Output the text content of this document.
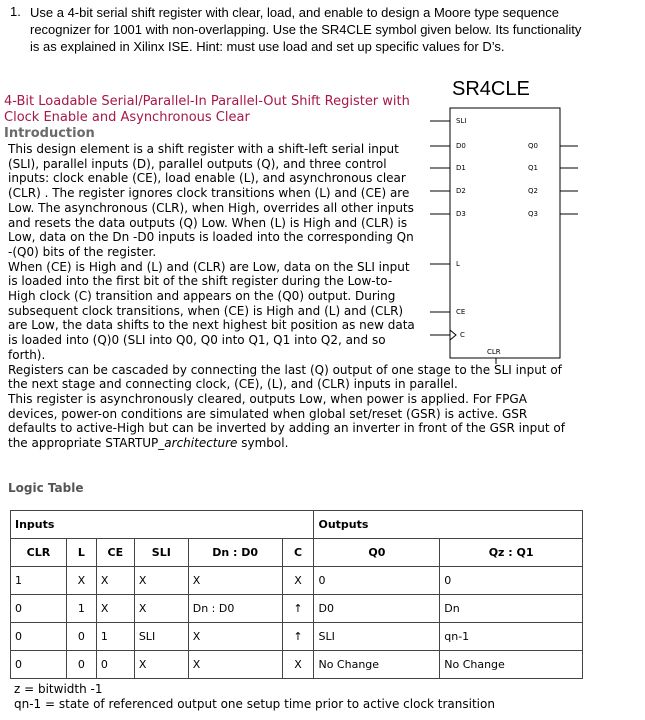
1. Use a 4-bit serial shift register with clear, load, and enable to design a Moore type sequence recognizer for 1001 with non-overlapping. Use the SR4CLE symbol given below. Its functionality is as explained in Xilinx ISE. Hint: must use load and set up specific values for D’s.
4-Bit Loadable Serial/Parallel-In Parallel-Out Shift Register with Clock Enable and Asynchronous Clear
Introduction

This design element is a shift register with a shift-left serial input (SLI), parallel inputs (D), parallel outputs (Q), and three control inputs: clock enable (CE), load enable (L), and asynchronous clear (CLR) . The register ignores clock transitions when (L) and (CE) are Low. The asynchronous (CLR), when High, overrides all other inputs and resets the data outputs (Q) Low. When (L) is High and (CLR) is Low, data on the Dn -D0 inputs is loaded into the corresponding Qn -(Q0) bits of the register.

When (CE) is High and (L) and (CLR) are Low, data on the SLI input is loaded into the first bit of the shift register during the Low-to-High clock (C) transition and appears on the (Q0) output. During subsequent clock transitions, when (CE) is High and (L) and (CLR) are Low, the data shifts to the next highest bit position as new data is loaded into (Q)0 (SLI into Q0, Q0 into Q1, Q1 into Q2, and so forth).

Registers can be cascaded by connecting the last (Q) output of one stage to the SLI input of the next stage and connecting clock, (CE), (L), and (CLR) inputs in parallel.

This register is asynchronously cleared, outputs Low, when power is applied. For FPGA devices, power-on conditions are simulated when global set/reset (GSR) is active. GSR defaults to active-High but can be inverted by adding an inverter in front of the GSR input of the appropriate STARTUP_architecture symbol.

SR4CLE
SLI
D0
D1
D2
D3
L
CE
C
Q0
Q1
Q2
Q3
CLR
Logic Table
Inputs						Outputs	
CLR	L	CE	SLI	Dn : D0	C	Q0	Qz : Q1
1	X	X	X	X	X	0	0
0	1	X	X	Dn : D0	↑	D0	Dn
0	0	1	SLI	X	↑	SLI	qn-1
0	0	0	X	X	X	No Change	No Change
z = bitwidth -1
qn-1 = state of referenced output one setup time prior to active clock transition
